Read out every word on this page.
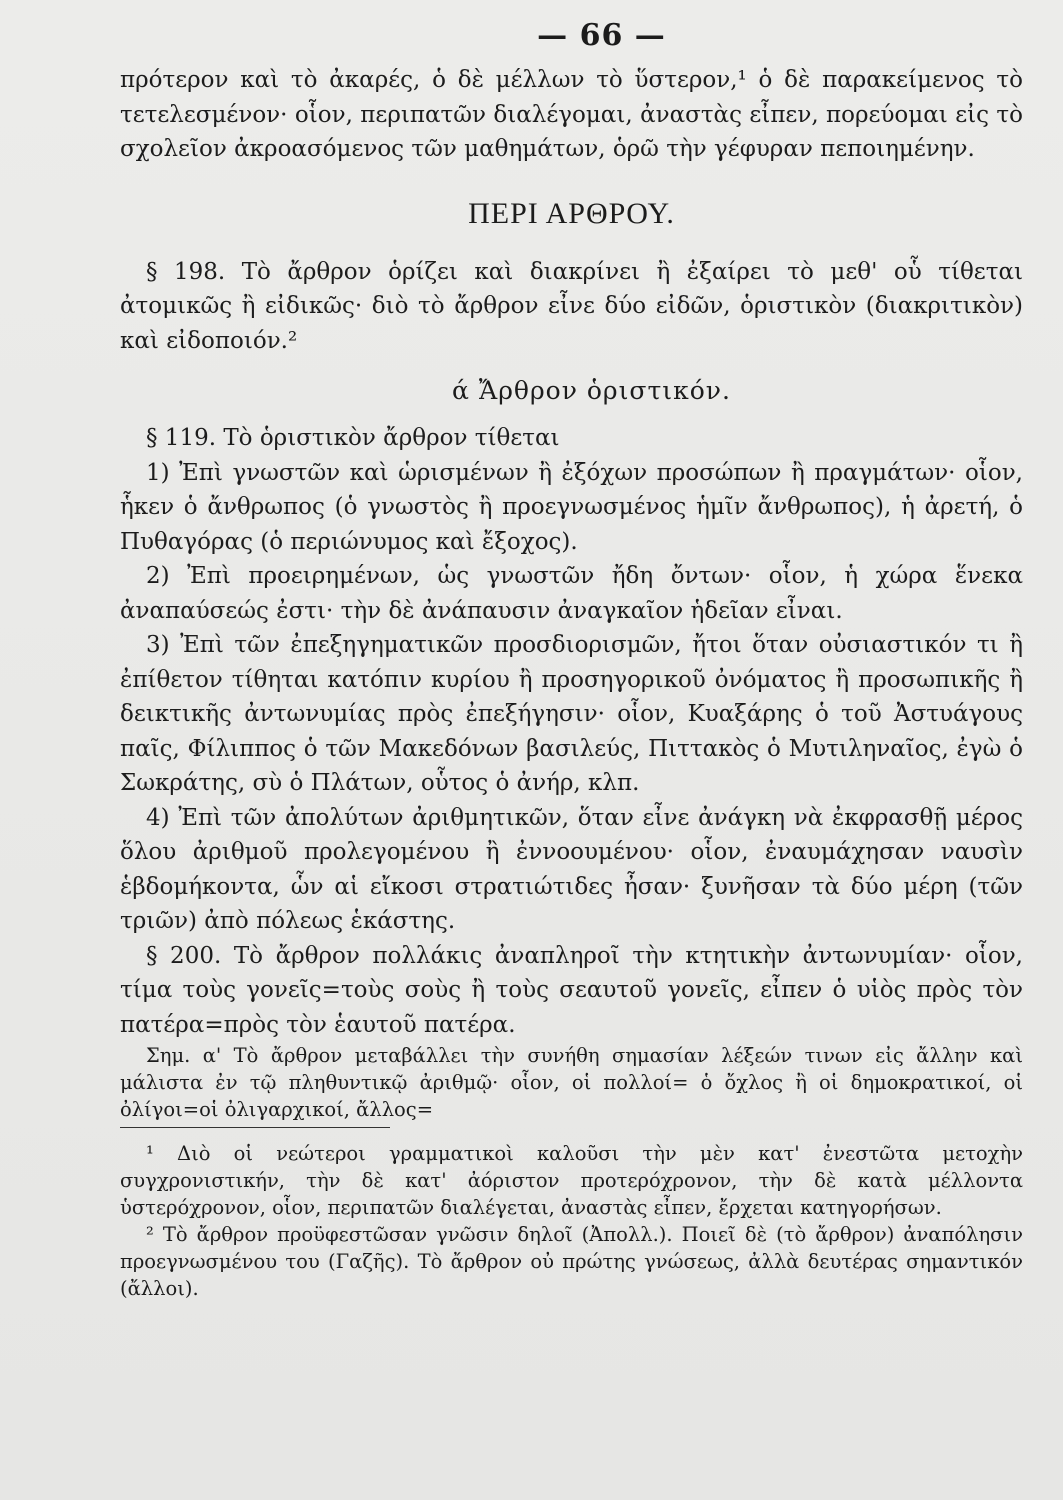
— 66 —

πρότερον καὶ τὸ ἀκαρές, ὁ δὲ μέλλων τὸ ὕστερον,¹ ὁ δὲ παρακείμενος τὸ τετελεσμένον· οἷον, περιπατῶν διαλέγομαι, ἀναστὰς εἶπεν, πορεύομαι εἰς τὸ σχολεῖον ἀκροασόμενος τῶν μαθημάτων, ὁρῶ τὴν γέφυραν πεποιημένην.

ΠΕΡΙ ΑΡΘΡΟΥ.

§ 198. Τὸ ἄρθρον ὁρίζει καὶ διακρίνει ἢ ἐξαίρει τὸ μεθ' οὗ τίθεται ἀτομικῶς ἢ εἰδικῶς· διὸ τὸ ἄρθρον εἶνε δύο εἰδῶν, ὁριστικὸν (διακριτικὸν) καὶ εἰδοποιόν.²

ά Ἄρθρον ὁριστικόν.

§ 119. Τὸ ὁριστικὸν ἄρθρον τίθεται

1) Ἐπὶ γνωστῶν καὶ ὡρισμένων ἢ ἐξόχων προσώπων ἢ πραγμάτων· οἷον, ἧκεν ὁ ἄνθρωπος (ὁ γνωστὸς ἢ προεγνωσμένος ἡμῖν ἄνθρωπος), ἡ ἀρετή, ὁ Πυθαγόρας (ὁ περιώνυμος καὶ ἔξοχος).

2) Ἐπὶ προειρημένων, ὡς γνωστῶν ἤδη ὄντων· οἷον, ἡ χώρα ἕνεκα ἀναπαύσεώς ἐστι· τὴν δὲ ἀνάπαυσιν ἀναγκαῖον ἡδεῖαν εἶναι.

3) Ἐπὶ τῶν ἐπεξηγηματικῶν προσδιορισμῶν, ἤτοι ὅταν οὐσιαστικόν τι ἢ ἐπίθετον τίθηται κατόπιν κυρίου ἢ προσηγορικοῦ ὀνόματος ἢ προσωπικῆς ἢ δεικτικῆς ἀντωνυμίας πρὸς ἐπεξήγησιν· οἷον, Κυαξάρης ὁ τοῦ Ἀστυάγους παῖς, Φίλιππος ὁ τῶν Μακεδόνων βασιλεύς, Πιττακὸς ὁ Μυτιληναῖος, ἐγὼ ὁ Σωκράτης, σὺ ὁ Πλάτων, οὗτος ὁ ἀνήρ, κλπ.

4) Ἐπὶ τῶν ἀπολύτων ἀριθμητικῶν, ὅταν εἶνε ἀνάγκη νὰ ἐκφρασθῇ μέρος ὅλου ἀριθμοῦ προλεγομένου ἢ ἐννοουμένου· οἷον, ἐναυμάχησαν ναυσὶν ἑβδομήκοντα, ὧν αἱ εἴκοσι στρατιώτιδες ἦσαν· ξυνῆσαν τὰ δύο μέρη (τῶν τριῶν) ἀπὸ πόλεως ἑκάστης.

§ 200. Τὸ ἄρθρον πολλάκις ἀναπληροῖ τὴν κτητικὴν ἀντωνυμίαν· οἷον, τίμα τοὺς γονεῖς=τοὺς σοὺς ἢ τοὺς σεαυτοῦ γονεῖς, εἶπεν ὁ υἱὸς πρὸς τὸν πατέρα=πρὸς τὸν ἑαυτοῦ πατέρα.

Σημ. α' Τὸ ἄρθρον μεταβάλλει τὴν συνήθη σημασίαν λέξεών τινων εἰς ἄλλην καὶ μάλιστα ἐν τῷ πληθυντικῷ ἀριθμῷ· οἷον, οἱ πολλοί= ὁ ὄχλος ἢ οἱ δημοκρατικοί, οἱ ὀλίγοι=οἱ ὀλιγαρχικοί, ἄλλος=

¹ Διὸ οἱ νεώτεροι γραμματικοὶ καλοῦσι τὴν μὲν κατ' ἐνεστῶτα μετοχὴν συγχρονιστικήν, τὴν δὲ κατ' ἀόριστον προτερόχρονον, τὴν δὲ κατὰ μέλλοντα ὑστερόχρονον, οἷον, περιπατῶν διαλέγεται, ἀναστὰς εἶπεν, ἔρχεται κατηγορήσων.

² Τὸ ἄρθρον προϋφεστῶσαν γνῶσιν δηλοῖ (Ἀπολλ.). Ποιεῖ δὲ (τὸ ἄρθρον) ἀναπόλησιν προεγνωσμένου του (Γαζῆς). Τὸ ἄρθρον οὐ πρώτης γνώσεως, ἀλλὰ δευτέρας σημαντικόν (ἄλλοι).
